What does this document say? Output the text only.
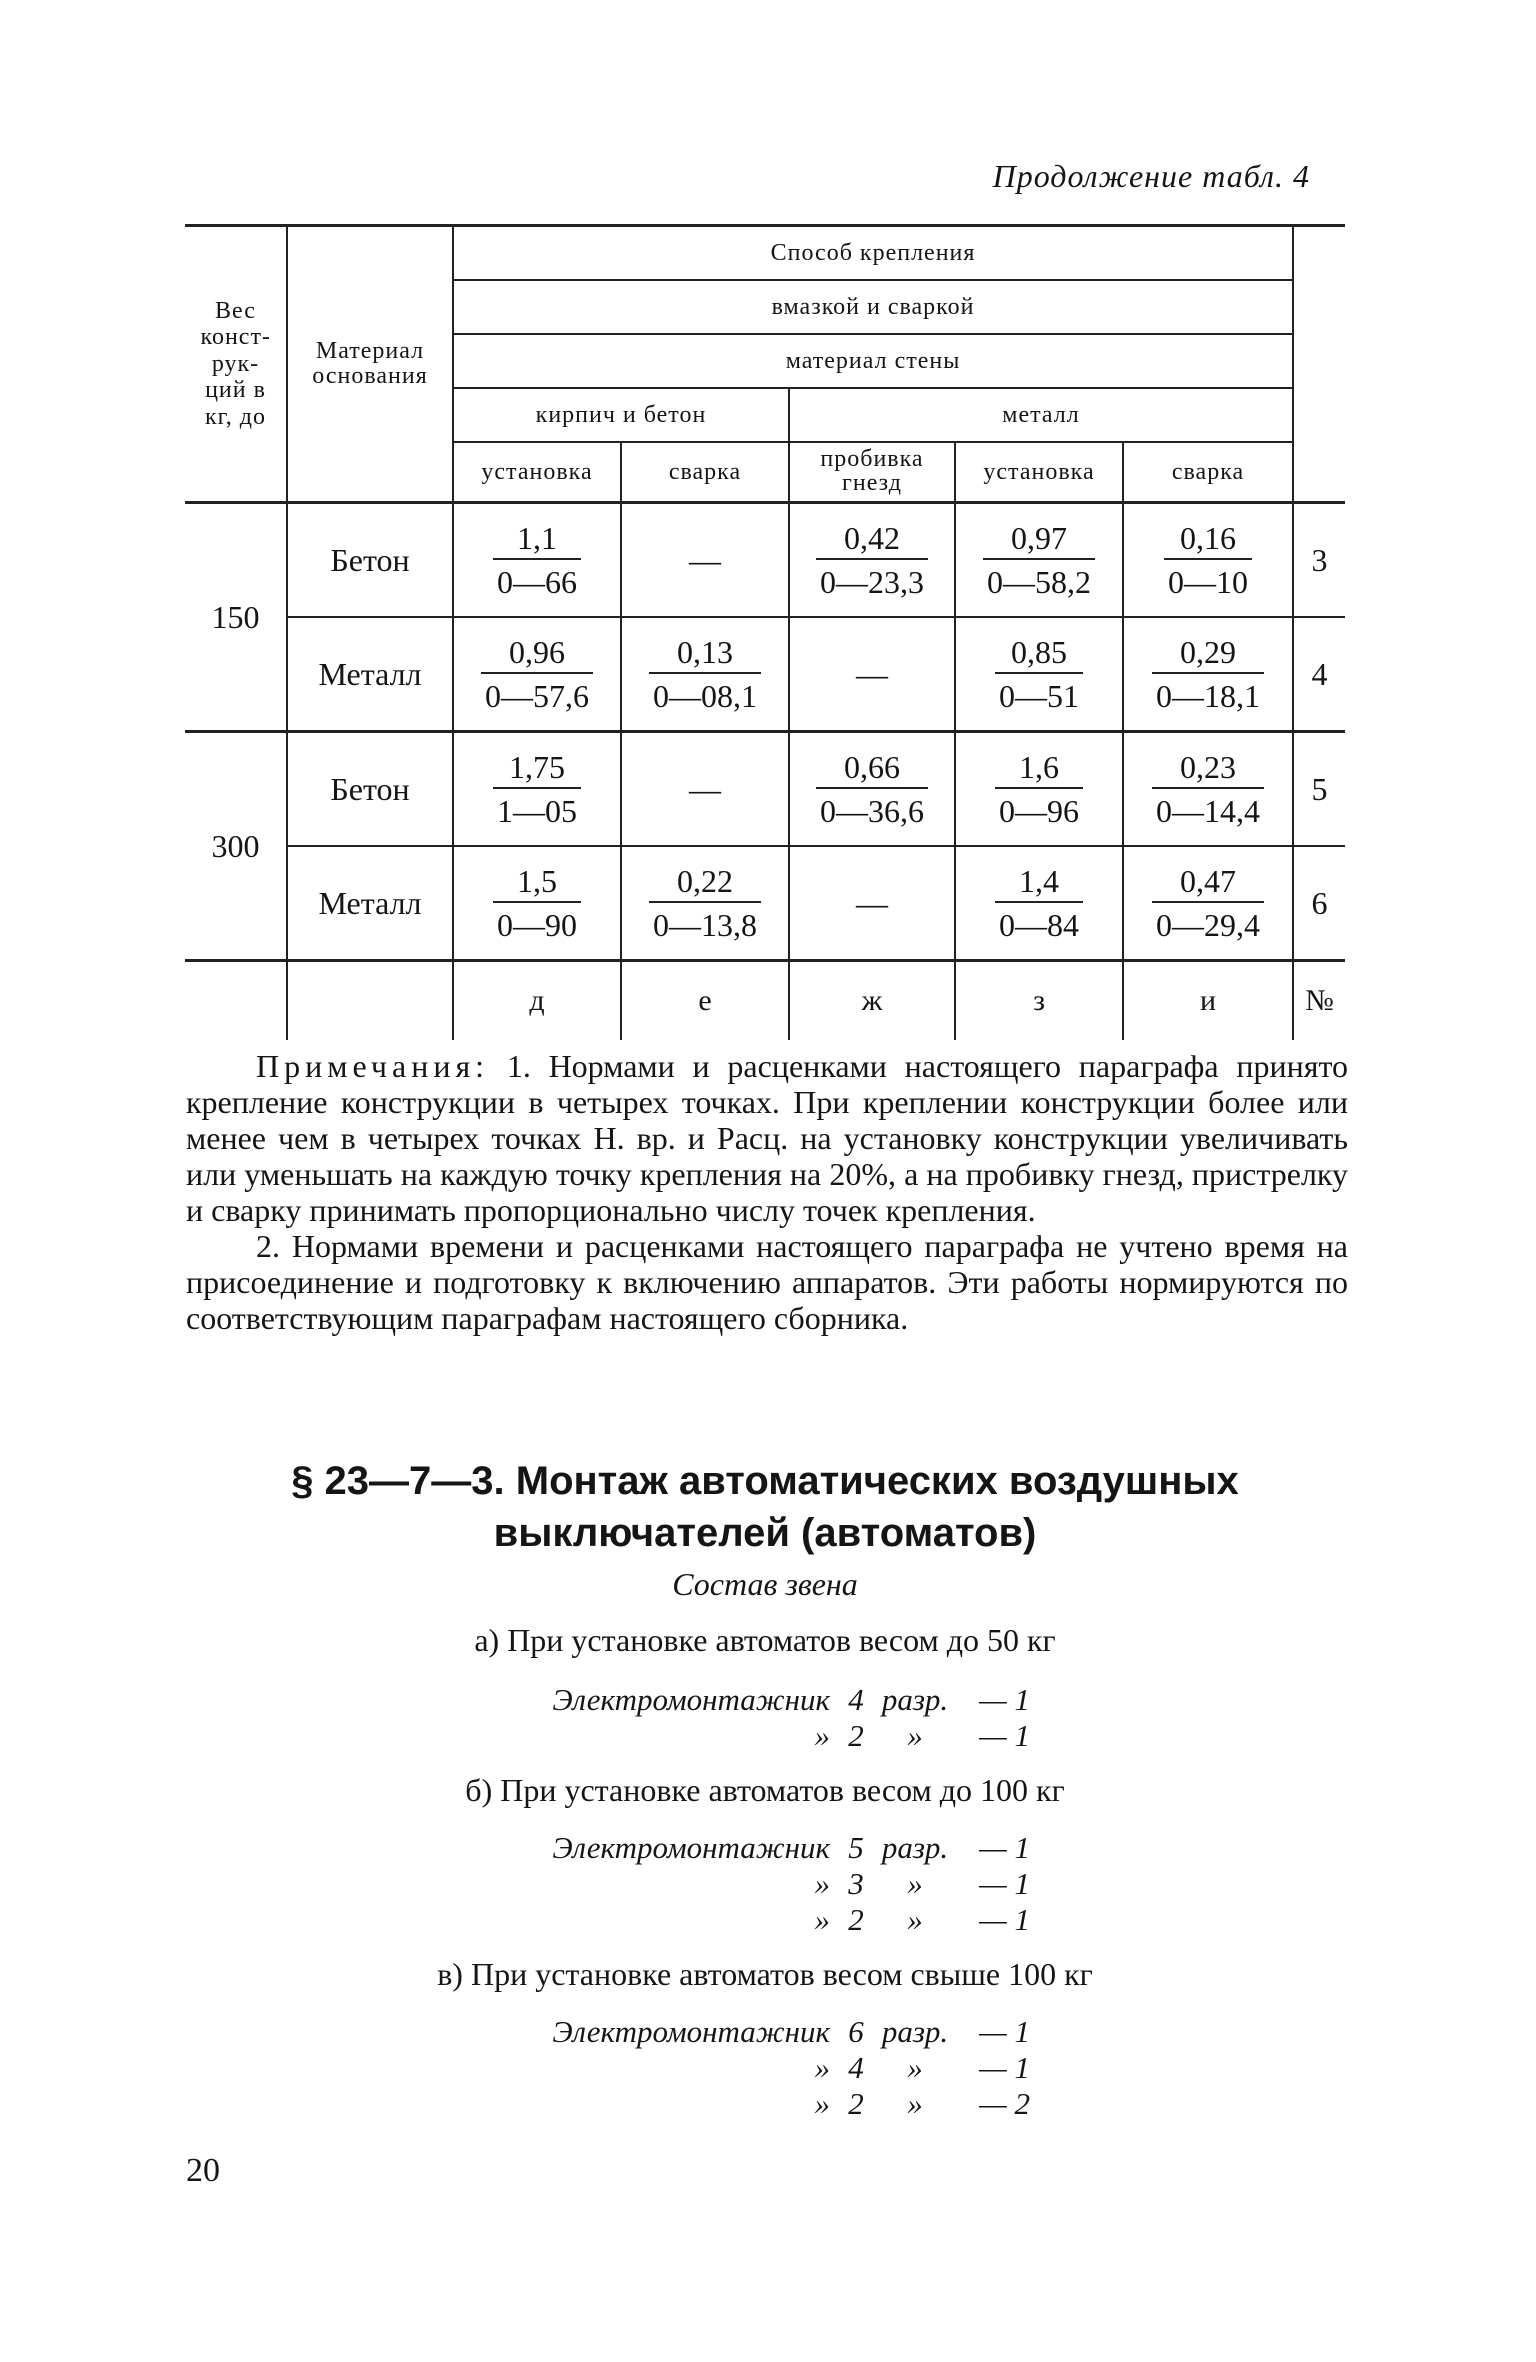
Продолжение табл. 4
Вес конст- рук- ций в кг, до	Материал основания	Способ крепления					
		вмазкой и сваркой					
		материал стены					
		кирпич и бетон		металл			
		установка	сварка	пробивка гнезд	установка	сварка	
150	Бетон	$\frac{1,1}{0—66}$	—	$\frac{0,42}{0—23,3}$	$\frac{0,97}{0—58,2}$	$\frac{0,16}{0—10}$	3
	Металл	$\frac{0,96}{0—57,6}$	$\frac{0,13}{0—08,1}$	—	$\frac{0,85}{0—51}$	$\frac{0,29}{0—18,1}$	4
300	Бетон	$\frac{1,75}{1—05}$	—	$\frac{0,66}{0—36,6}$	$\frac{1,6}{0—96}$	$\frac{0,23}{0—14,4}$	5
	Металл	$\frac{1,5}{0—90}$	$\frac{0,22}{0—13,8}$	—	$\frac{1,4}{0—84}$	$\frac{0,47}{0—29,4}$	6
		д	е	ж	з	и	№

Примечания: 1. Нормами и расценками настоящего параграфа принято крепление конструкции в четырех точках. При креплении конструкции более или менее чем в четырех точках Н. вр. и Расц. на установку конструкции увеличивать или уменьшать на каждую точку крепления на 20%, а на пробивку гнезд, пристрелку и сварку принимать пропорционально числу точек крепления.

2. Нормами времени и расценками настоящего параграфа не учтено время на присоединение и подготовку к включению аппаратов. Эти работы нормируются по соответствующим параграфам настоящего сборника.

§ 23—7—3. Монтаж автоматических воздушных
выключателей (автоматов)
Состав звена
а) При установке автоматов весом до 50 кг
Электромонтажник 4 разр.	— 1
» 2	»	— 1
б) При установке автоматов весом до 100 кг
Электромонтажник 5 разр.	— 1
» 3	»	— 1
» 2	»	— 1
в) При установке автоматов весом свыше 100 кг
Электромонтажник 6 разр.	— 1
» 4	»	— 1
» 2	»	— 2
20
